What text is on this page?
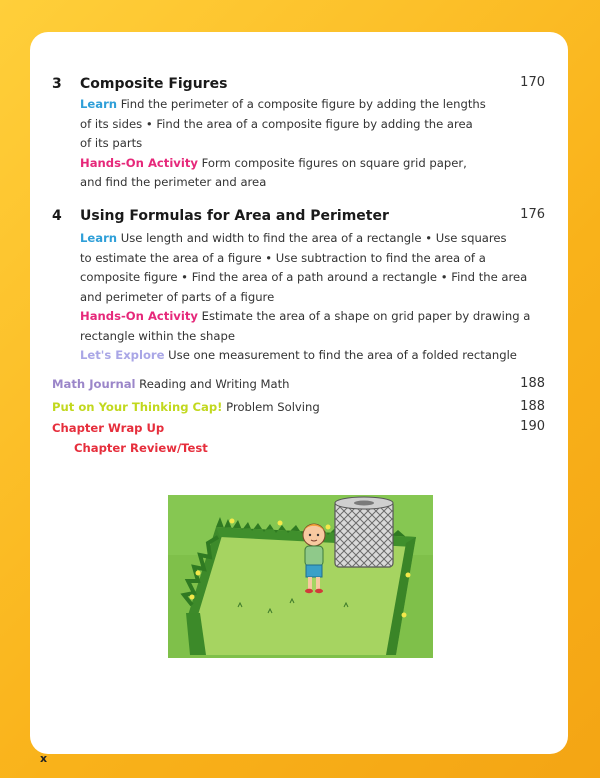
3 Composite Figures	170
Learn Find the perimeter of a composite figure by adding the lengths
of its sides • Find the area of a composite figure by adding the area
of its parts
Hands-On Activity Form composite figures on square grid paper,
and find the perimeter and area
4 Using Formulas for Area and Perimeter	176
Learn Use length and width to find the area of a rectangle • Use squares
to estimate the area of a figure • Use subtraction to find the area of a
composite figure • Find the area of a path around a rectangle • Find the area
and perimeter of parts of a figure
Hands-On Activity Estimate the area of a shape on grid paper by drawing a
rectangle within the shape
Let's Explore Use one measurement to find the area of a folded rectangle
Math Journal Reading and Writing Math	188
Put on Your Thinking Cap! Problem Solving	188
Chapter Wrap Up	190
Chapter Review/Test
x
